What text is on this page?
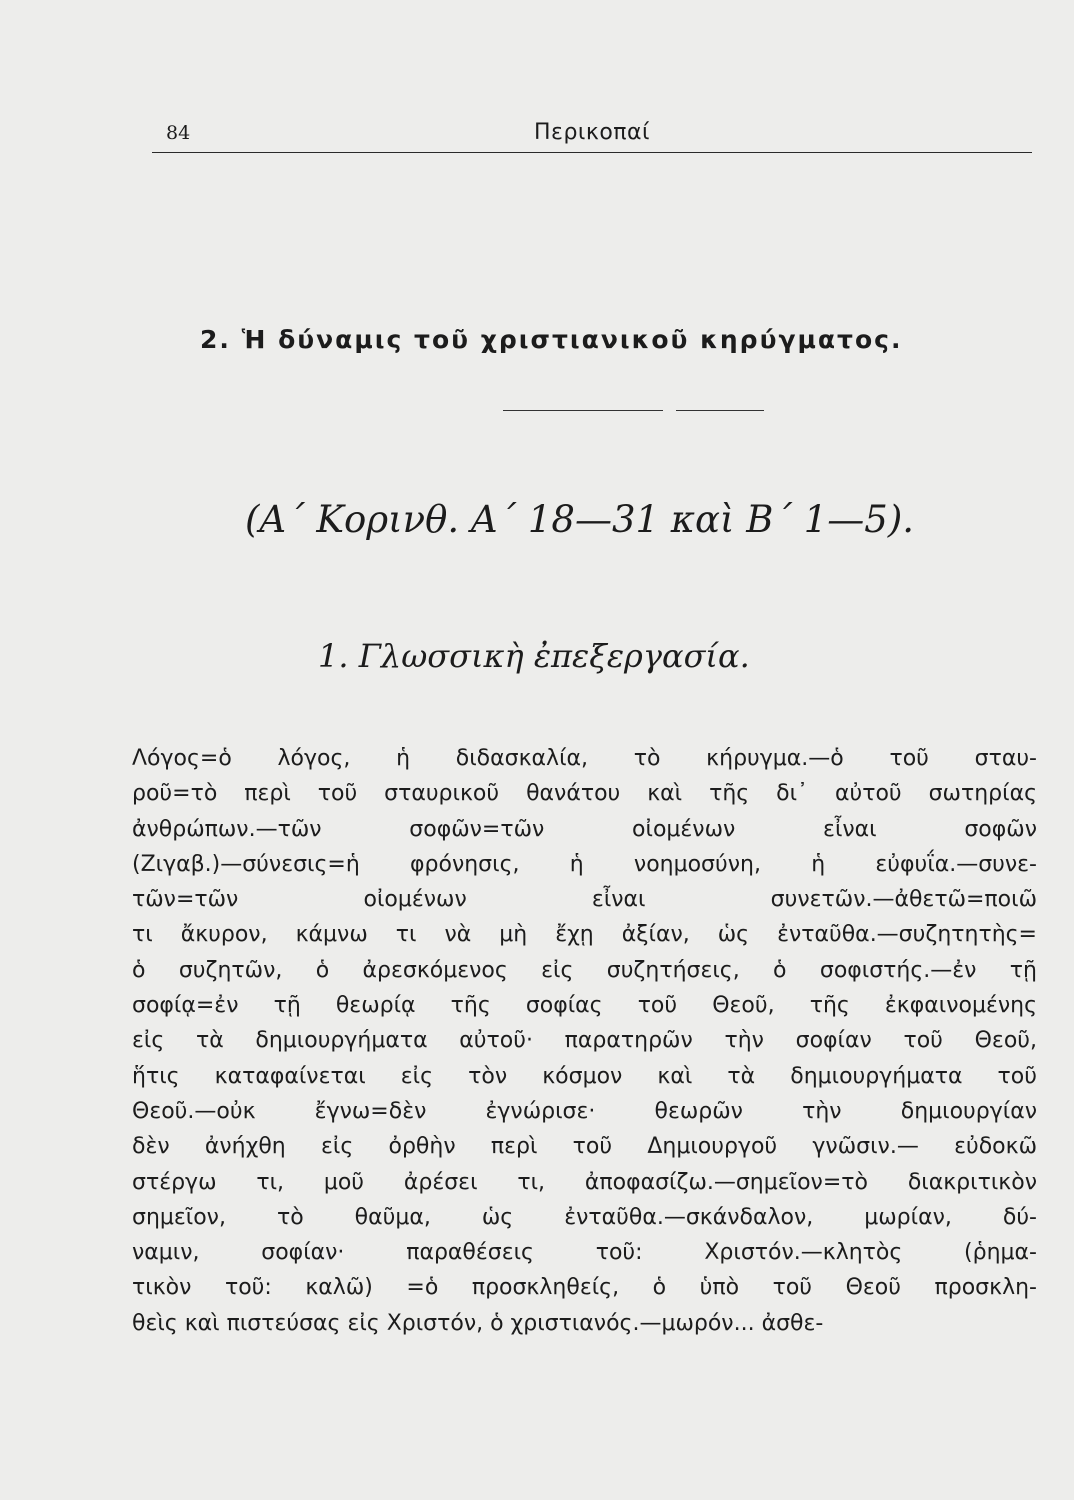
84	Περικοπαί
2. Ἡ δύναμις τοῦ χριστιανικοῦ κηρύγματος.
(Α΄ Κορινθ. Α΄ 18—31 καὶ Β΄ 1—5).
1. Γλωσσικὴ ἐπεξεργασία.
Λόγος=ὁ λόγος, ἡ διδασκαλία, τὸ κήρυγμα.—ὁ τοῦ σταυ-
ροῦ=τὸ περὶ τοῦ σταυρικοῦ θανάτου καὶ τῆς δι᾽ αὐτοῦ σωτηρίας
ἀνθρώπων.—τῶν σοφῶν=τῶν οἰομένων εἶναι σοφῶν
(Ζιγαβ.)—σύνεσις=ἡ φρόνησις, ἡ νοημοσύνη, ἡ εὐφυΐα.—συνε-
τῶν=τῶν οἰομένων εἶναι συνετῶν.—ἀθετῶ=ποιῶ
τι ἄκυρον, κάμνω τι νὰ μὴ ἔχῃ ἀξίαν, ὡς ἐνταῦθα.—συζητητὴς=
ὁ συζητῶν, ὁ ἀρεσκόμενος εἰς συζητήσεις, ὁ σοφιστής.—ἐν τῇ
σοφίᾳ=ἐν τῇ θεωρίᾳ τῆς σοφίας τοῦ Θεοῦ, τῆς ἐκφαινομένης
εἰς τὰ δημιουργήματα αὐτοῦ· παρατηρῶν τὴν σοφίαν τοῦ Θεοῦ,
ἥτις καταφαίνεται εἰς τὸν κόσμον καὶ τὰ δημιουργήματα τοῦ
Θεοῦ.—οὐκ ἔγνω=δὲν ἐγνώρισε· θεωρῶν τὴν δημιουργίαν
δὲν ἀνήχθη εἰς ὀρθὴν περὶ τοῦ Δημιουργοῦ γνῶσιν.— εὐδοκῶ
στέργω τι, μοῦ ἀρέσει τι, ἀποφασίζω.—σημεῖον=τὸ διακριτικὸν
σημεῖον, τὸ θαῦμα, ὡς ἐνταῦθα.—σκάνδαλον, μωρίαν, δύ-
ναμιν, σοφίαν· παραθέσεις τοῦ: Χριστόν.—κλητὸς (ῥημα-
τικὸν τοῦ: καλῶ) =ὁ προσκληθείς, ὁ ὑπὸ τοῦ Θεοῦ προσκλη-
θεὶς καὶ πιστεύσας εἰς Χριστόν, ὁ χριστιανός.—μωρόν... ἀσθε-
